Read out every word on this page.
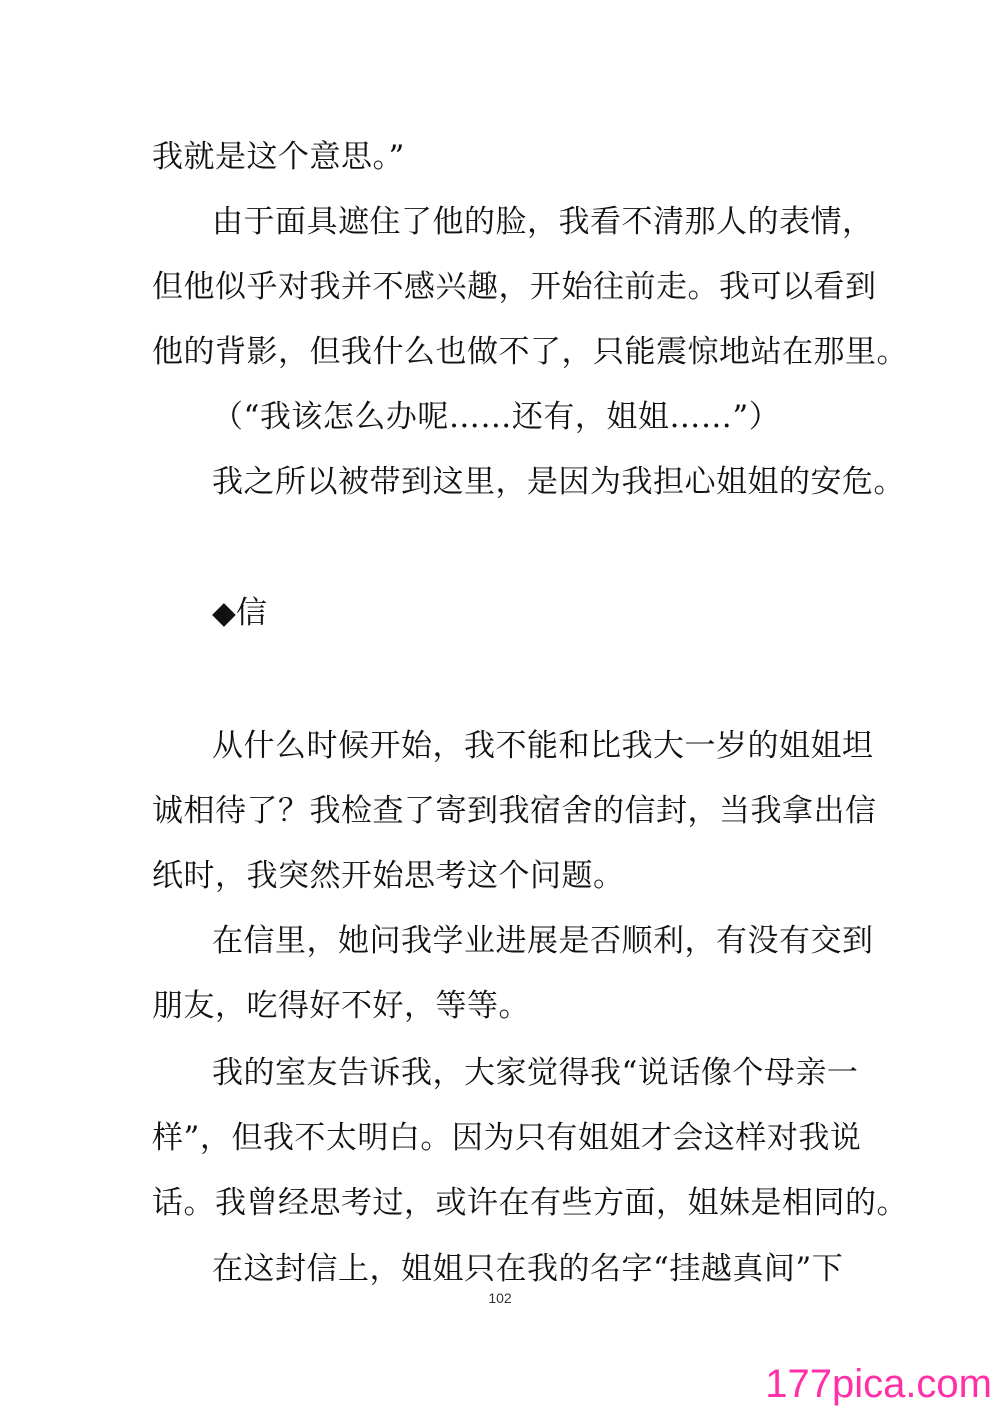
我就是这个意思。”
由于面具遮住了他的脸，我看不清那人的表情，
但他似乎对我并不感兴趣，开始往前走。我可以看到
他的背影，但我什么也做不了，只能震惊地站在那里。
（“我该怎么办呢……还有，姐姐……”）
我之所以被带到这里，是因为我担心姐姐的安危。
◆信
从什么时候开始，我不能和比我大一岁的姐姐坦
诚相待了？我检查了寄到我宿舍的信封，当我拿出信
纸时，我突然开始思考这个问题。
在信里，她问我学业进展是否顺利，有没有交到
朋友，吃得好不好，等等。
我的室友告诉我，大家觉得我“说话像个母亲一
样”，但我不太明白。因为只有姐姐才会这样对我说
话。我曾经思考过，或许在有些方面，姐妹是相同的。
在这封信上，姐姐只在我的名字“挂越真间”下
102
177pica.com
